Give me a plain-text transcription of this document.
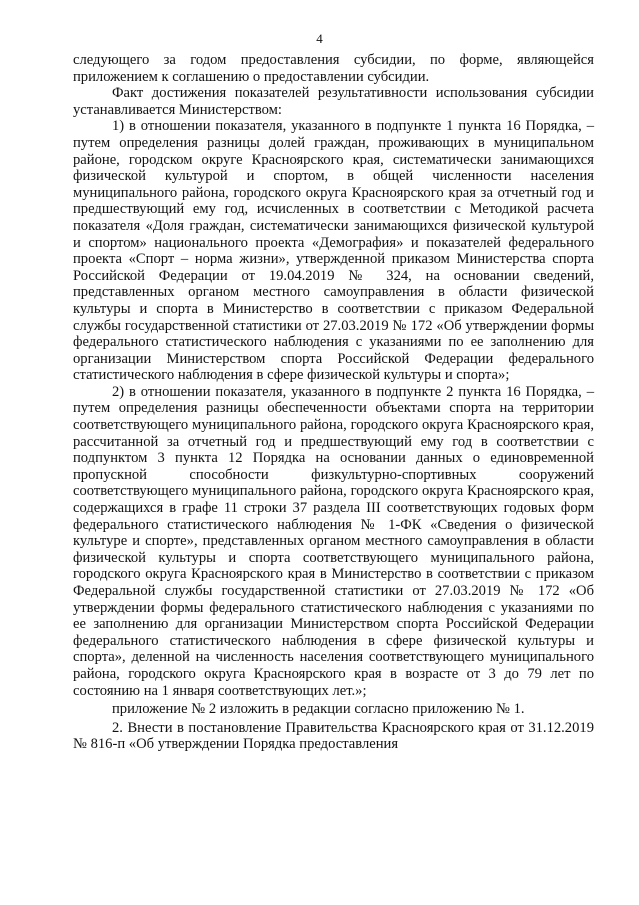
4

следующего за годом предоставления субсидии, по форме, являющейся приложением к соглашению о предоставлении субсидии.

Факт достижения показателей результативности использования субсидии устанавливается Министерством:

1) в отношении показателя, указанного в подпункте 1 пункта 16 Порядка, – путем определения разницы долей граждан, проживающих в муниципальном районе, городском округе Красноярского края, систематически занимающихся физической культурой и спортом, в общей численности населения муниципального района, городского округа Красноярского края за отчетный год и предшествующий ему год, исчисленных в соответствии с Методикой расчета показателя «Доля граждан, систематически занимающихся физической культурой и спортом» национального проекта «Демография» и показателей федерального проекта «Спорт – норма жизни», утвержденной приказом Министерства спорта Российской Федерации от 19.04.2019 № 324, на основании сведений, представленных органом местного самоуправления в области физической культуры и спорта в Министерство в соответствии с приказом Федеральной службы государственной статистики от 27.03.2019 № 172 «Об утверждении формы федерального статистического наблюдения с указаниями по ее заполнению для организации Министерством спорта Российской Федерации федерального статистического наблюдения в сфере физической культуры и спорта»;

2) в отношении показателя, указанного в подпункте 2 пункта 16 Порядка, – путем определения разницы обеспеченности объектами спорта на территории соответствующего муниципального района, городского округа Красноярского края, рассчитанной за отчетный год и предшествующий ему год в соответствии с подпунктом 3 пункта 12 Порядка на основании данных о единовременной пропускной способности физкультурно-спортивных сооружений соответствующего муниципального района, городского округа Красноярского края, содержащихся в графе 11 строки 37 раздела III соответствующих годовых форм федерального статистического наблюдения № 1-ФК «Сведения о физической культуре и спорте», представленных органом местного самоуправления в области физической культуры и спорта соответствующего муниципального района, городского округа Красноярского края в Министерство в соответствии с приказом Федеральной службы государственной статистики от 27.03.2019 № 172 «Об утверждении формы федерального статистического наблюдения с указаниями по ее заполнению для организации Министерством спорта Российской Федерации федерального статистического наблюдения в сфере физической культуры и спорта», деленной на численность населения соответствующего муниципального района, городского округа Красноярского края в возрасте от 3 до 79 лет по состоянию на 1 января соответствующих лет.»;

приложение № 2 изложить в редакции согласно приложению № 1.

2. Внести в постановление Правительства Красноярского края от 31.12.2019 № 816-п «Об утверждении Порядка предоставления
